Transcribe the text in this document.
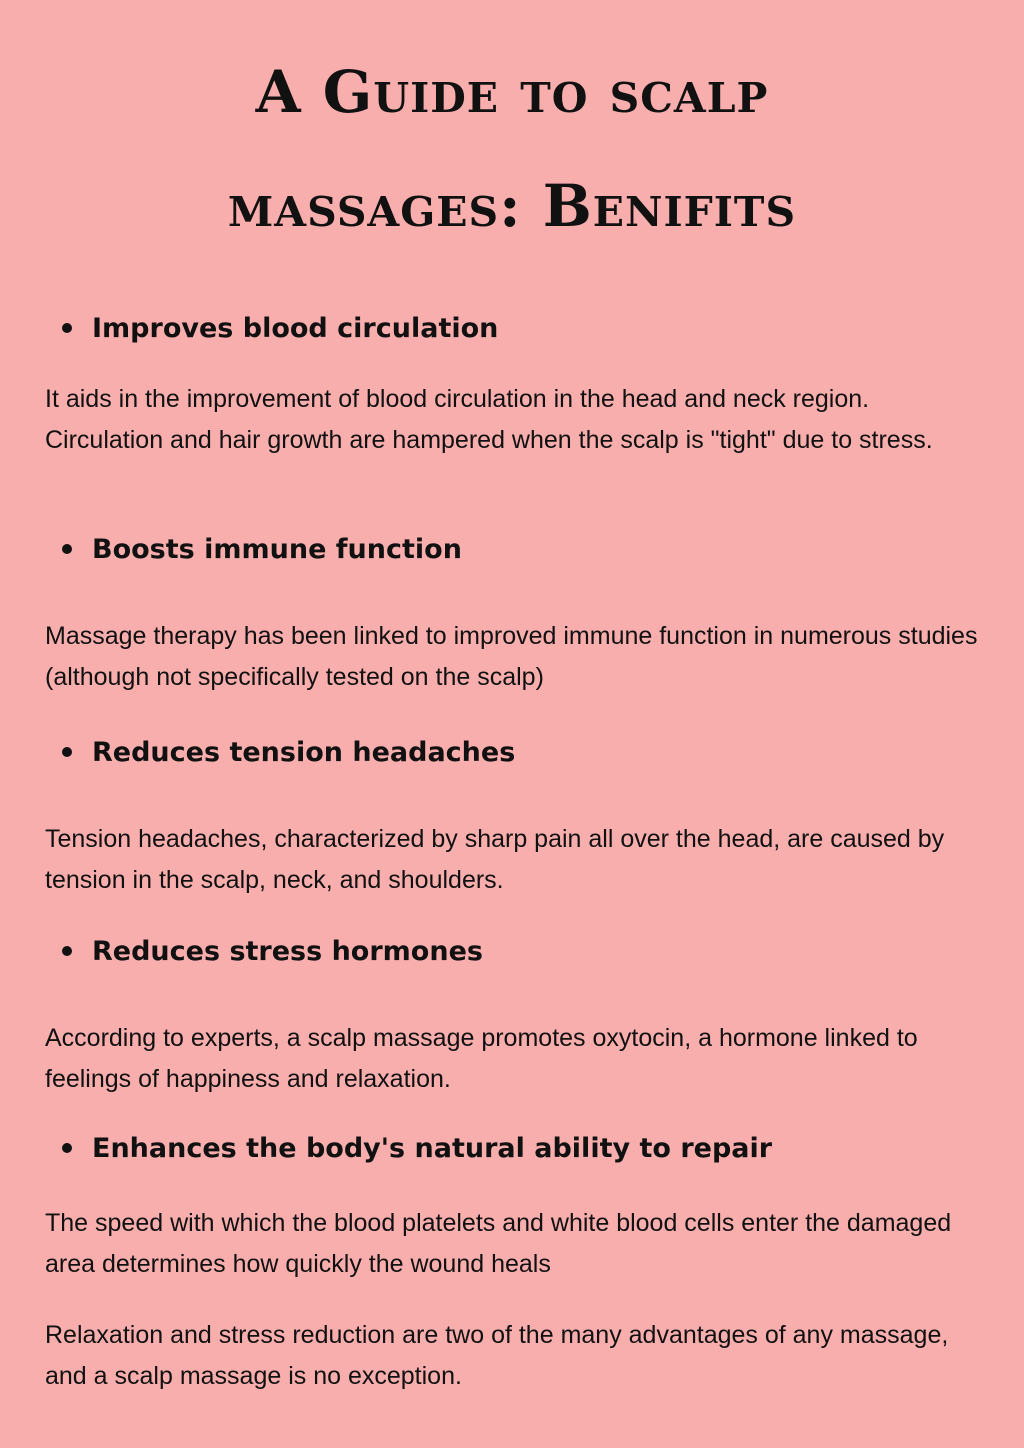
A Guide to scalp
massages: Benifits
Improves blood circulation

It aids in the improvement of blood circulation in the head and neck region. Circulation and hair growth are hampered when the scalp is "tight" due to stress.

Boosts immune function

Massage therapy has been linked to improved immune function in numerous studies (although not specifically tested on the scalp)

Reduces tension headaches

Tension headaches, characterized by sharp pain all over the head, are caused by tension in the scalp, neck, and shoulders.

Reduces stress hormones

According to experts, a scalp massage promotes oxytocin, a hormone linked to feelings of happiness and relaxation.

Enhances the body's natural ability to repair

The speed with which the blood platelets and white blood cells enter the damaged area determines how quickly the wound heals

Relaxation and stress reduction are two of the many advantages of any massage, and a scalp massage is no exception.
